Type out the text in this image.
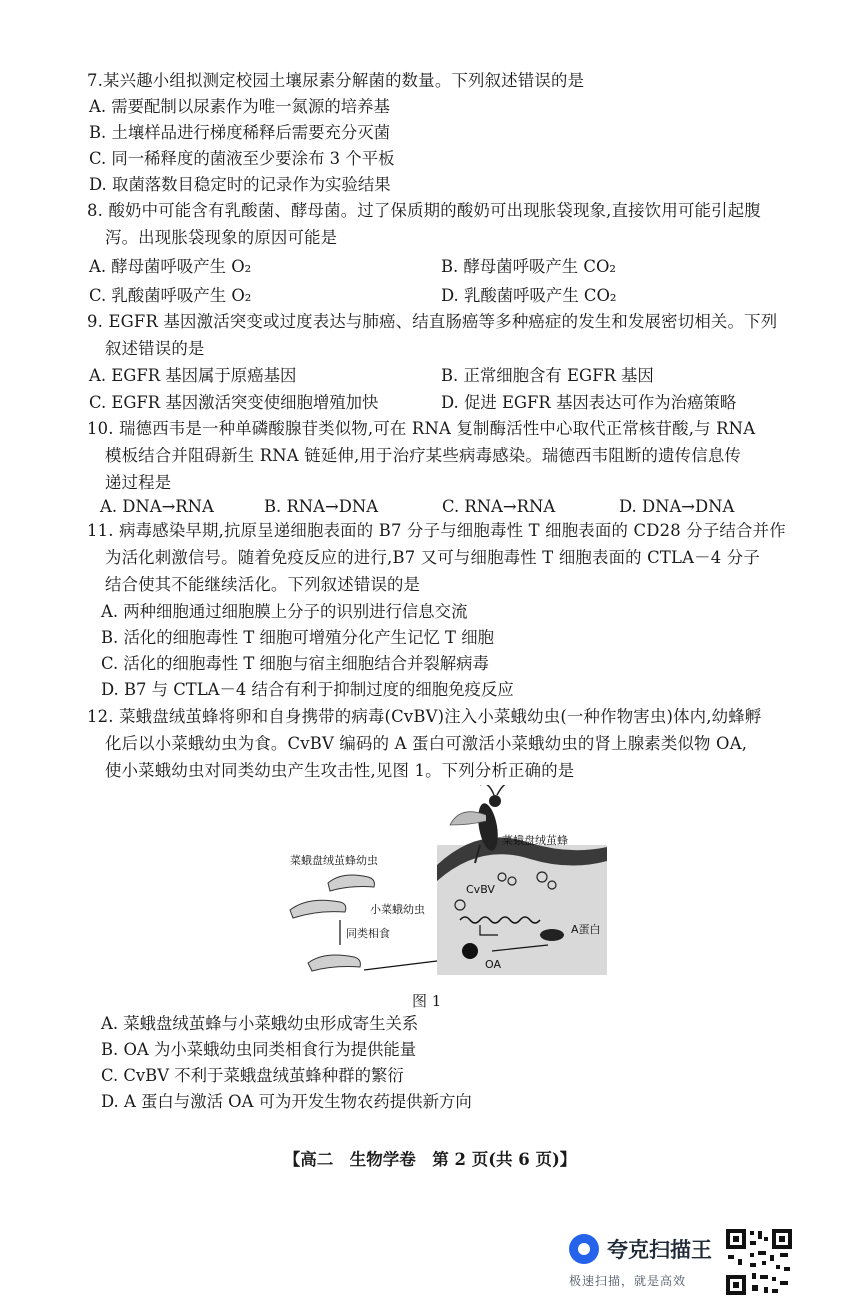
7.某兴趣小组拟测定校园土壤尿素分解菌的数量。下列叙述错误的是
A. 需要配制以尿素作为唯一氮源的培养基
B. 土壤样品进行梯度稀释后需要充分灭菌
C. 同一稀释度的菌液至少要涂布 3 个平板
D. 取菌落数目稳定时的记录作为实验结果
8. 酸奶中可能含有乳酸菌、酵母菌。过了保质期的酸奶可出现胀袋现象,直接饮用可能引起腹
泻。出现胀袋现象的原因可能是
A. 酵母菌呼吸产生 O₂	B. 酵母菌呼吸产生 CO₂
C. 乳酸菌呼吸产生 O₂	D. 乳酸菌呼吸产生 CO₂
9. EGFR 基因激活突变或过度表达与肺癌、结直肠癌等多种癌症的发生和发展密切相关。下列
叙述错误的是
A. EGFR 基因属于原癌基因	B. 正常细胞含有 EGFR 基因
C. EGFR 基因激活突变使细胞增殖加快	D. 促进 EGFR 基因表达可作为治癌策略
10. 瑞德西韦是一种单磷酸腺苷类似物,可在 RNA 复制酶活性中心取代正常核苷酸,与 RNA
模板结合并阻碍新生 RNA 链延伸,用于治疗某些病毒感染。瑞德西韦阻断的遗传信息传
递过程是
A. DNA→RNA	B. RNA→DNA	C. RNA→RNA	D. DNA→DNA
11. 病毒感染早期,抗原呈递细胞表面的 B7 分子与细胞毒性 T 细胞表面的 CD28 分子结合并作
为活化刺激信号。随着免疫反应的进行,B7 又可与细胞毒性 T 细胞表面的 CTLA－4 分子
结合使其不能继续活化。下列叙述错误的是
A. 两种细胞通过细胞膜上分子的识别进行信息交流
B. 活化的细胞毒性 T 细胞可增殖分化产生记忆 T 细胞
C. 活化的细胞毒性 T 细胞与宿主细胞结合并裂解病毒
D. B7 与 CTLA－4 结合有利于抑制过度的细胞免疫反应
12. 菜蛾盘绒茧蜂将卵和自身携带的病毒(CvBV)注入小菜蛾幼虫(一种作物害虫)体内,幼蜂孵
化后以小菜蛾幼虫为食。CvBV 编码的 A 蛋白可激活小菜蛾幼虫的肾上腺素类似物 OA,
使小菜蛾幼虫对同类幼虫产生攻击性,见图 1。下列分析正确的是
菜蛾盘绒茧蜂
CvBV
A蛋白
OA
菜蛾盘绒茧蜂幼虫
小菜蛾幼虫
同类相食
图 1
A. 菜蛾盘绒茧蜂与小菜蛾幼虫形成寄生关系
B. OA 为小菜蛾幼虫同类相食行为提供能量
C. CvBV 不利于菜蛾盘绒茧蜂种群的繁衍
D. A 蛋白与激活 OA 可为开发生物农药提供新方向
【高二　生物学卷　第 2 页(共 6 页)】
夸克扫描王
极速扫描，就是高效
